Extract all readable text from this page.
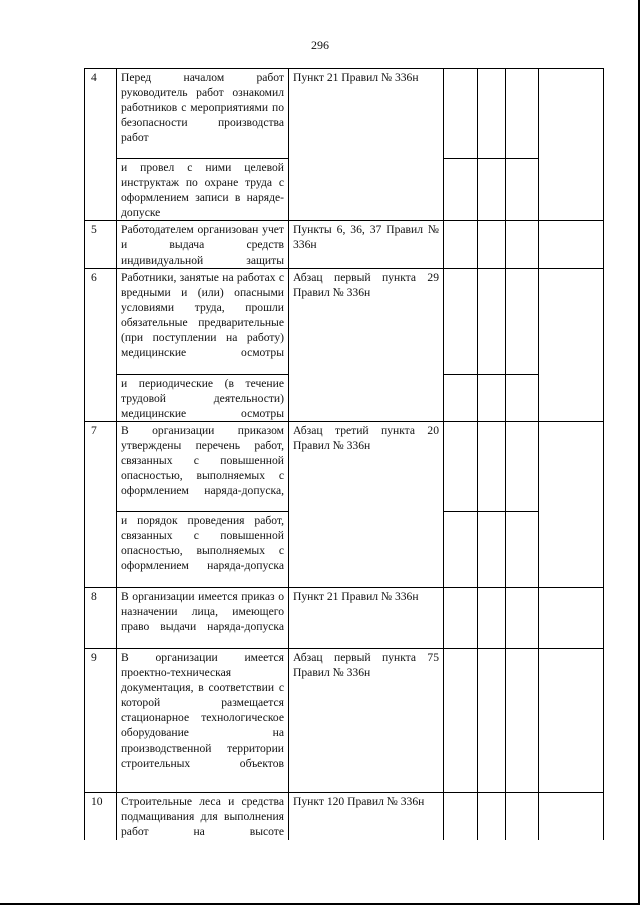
296
4	Перед началом работ руководитель работ ознакомил работников с мероприятиями по безопасности производства работ	Пункт 21 Правил № 336н				
	и провел с ними целевой инструктаж по охране труда с оформлением записи в наряде-допуске					
5	Работодателем организован учет и выдача средств индивидуальной защиты	Пункты 6, 36, 37 Правил № 336н				
6	Работники, занятые на работах с вредными и (или) опасными условиями труда, прошли обязательные предварительные (при поступлении на работу) медицинские осмотры	Абзац первый пункта 29 Правил № 336н				
	и периодические (в течение трудовой деятельности) медицинские осмотры					
7	В организации приказом утверждены перечень работ, связанных с повышенной опасностью, выполняемых с оформлением наряда-допуска,	Абзац третий пункта 20 Правил № 336н				
	и порядок проведения работ, связанных с повышенной опасностью, выполняемых с оформлением наряда-допуска					
8	В организации имеется приказ о назначении лица, имеющего право выдачи наряда-допуска	Пункт 21 Правил № 336н				
9	В организации имеется проектно-техническая документация, в соответствии с которой размещается стационарное технологическое оборудование на производственной территории строительных объектов	Абзац первый пункта 75 Правил № 336н				
10	Строительные леса и средства подмащивания для выполнения работ на высоте	Пункт 120 Правил № 336н				
